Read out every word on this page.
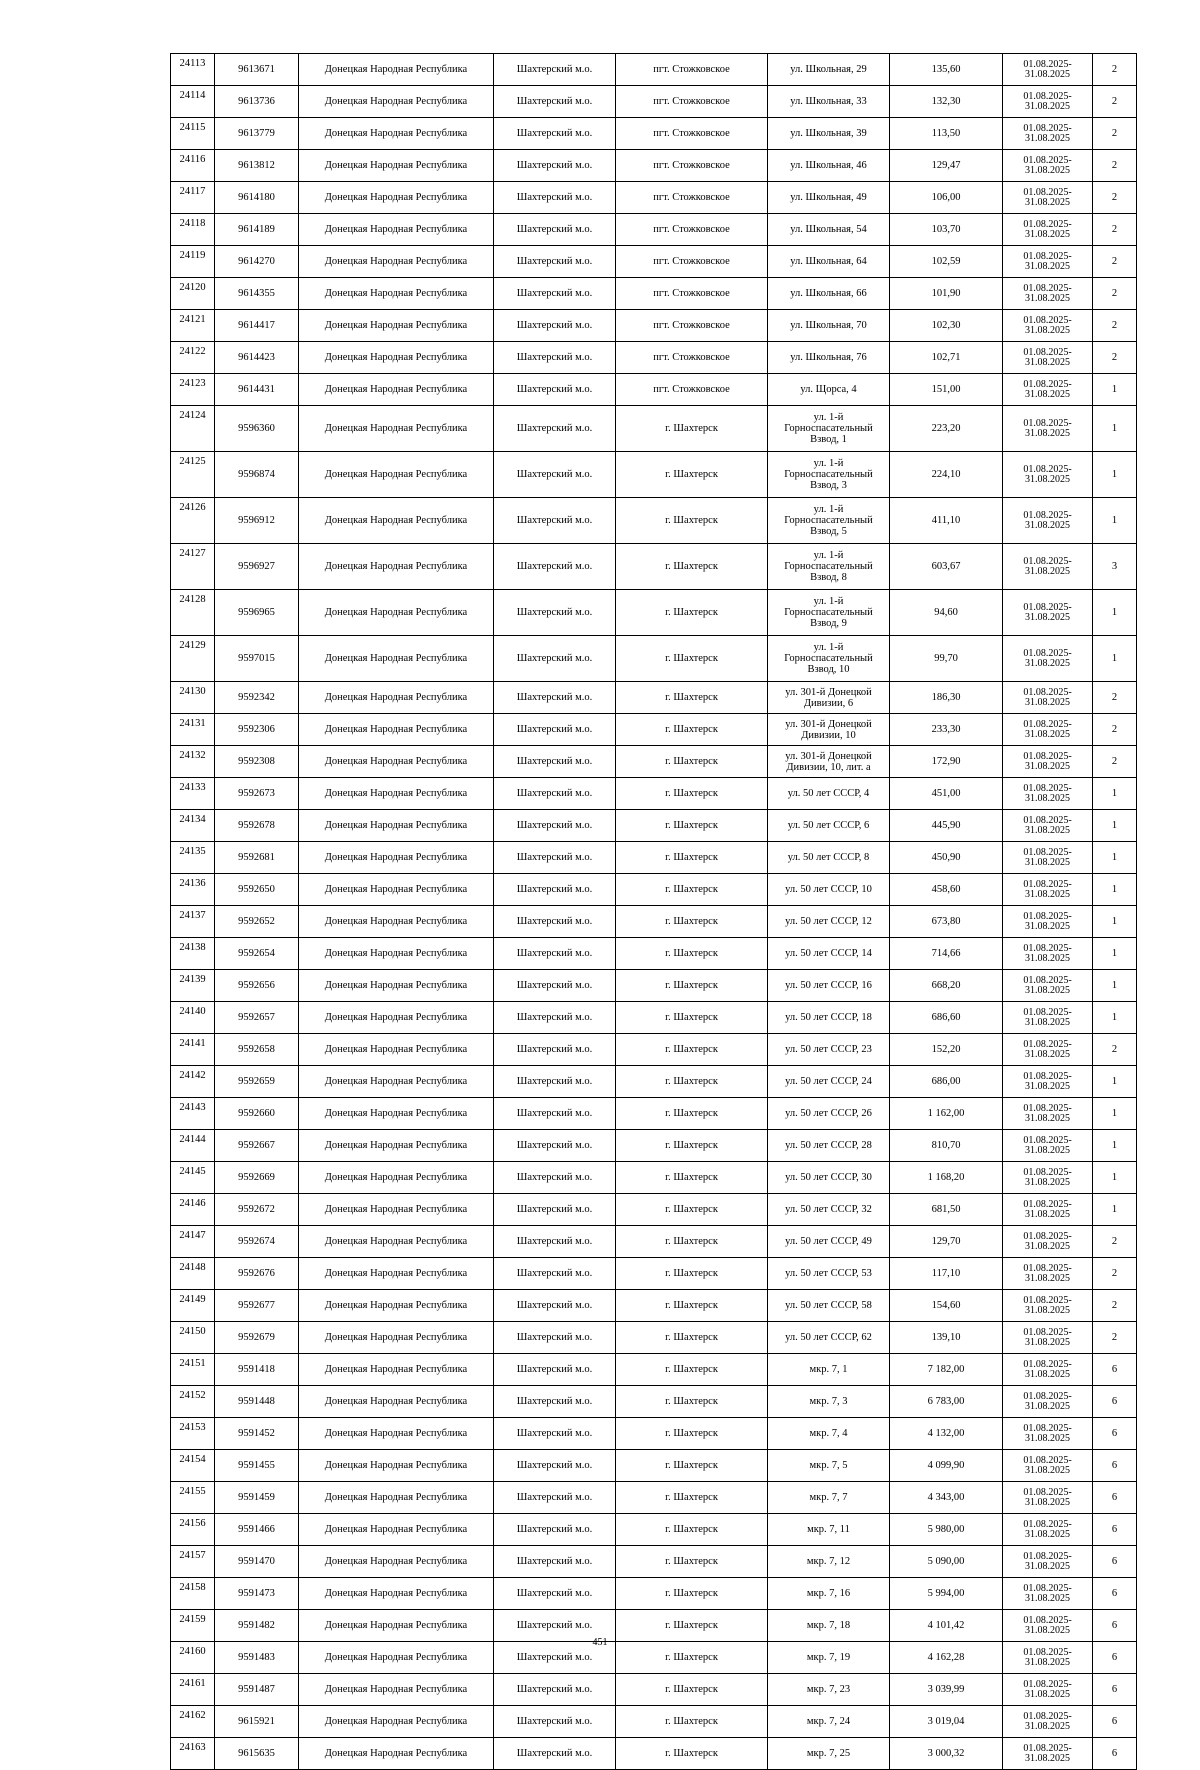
24113	9613671	Донецкая Народная Республика	Шахтерский м.о.	пгт. Стожковское	ул. Школьная, 29	135,60	01.08.2025-31.08.2025	2
24114	9613736	Донецкая Народная Республика	Шахтерский м.о.	пгт. Стожковское	ул. Школьная, 33	132,30	01.08.2025-31.08.2025	2
24115	9613779	Донецкая Народная Республика	Шахтерский м.о.	пгт. Стожковское	ул. Школьная, 39	113,50	01.08.2025-31.08.2025	2
24116	9613812	Донецкая Народная Республика	Шахтерский м.о.	пгт. Стожковское	ул. Школьная, 46	129,47	01.08.2025-31.08.2025	2
24117	9614180	Донецкая Народная Республика	Шахтерский м.о.	пгт. Стожковское	ул. Школьная, 49	106,00	01.08.2025-31.08.2025	2
24118	9614189	Донецкая Народная Республика	Шахтерский м.о.	пгт. Стожковское	ул. Школьная, 54	103,70	01.08.2025-31.08.2025	2
24119	9614270	Донецкая Народная Республика	Шахтерский м.о.	пгт. Стожковское	ул. Школьная, 64	102,59	01.08.2025-31.08.2025	2
24120	9614355	Донецкая Народная Республика	Шахтерский м.о.	пгт. Стожковское	ул. Школьная, 66	101,90	01.08.2025-31.08.2025	2
24121	9614417	Донецкая Народная Республика	Шахтерский м.о.	пгт. Стожковское	ул. Школьная, 70	102,30	01.08.2025-31.08.2025	2
24122	9614423	Донецкая Народная Республика	Шахтерский м.о.	пгт. Стожковское	ул. Школьная, 76	102,71	01.08.2025-31.08.2025	2
24123	9614431	Донецкая Народная Республика	Шахтерский м.о.	пгт. Стожковское	ул. Щорса, 4	151,00	01.08.2025-31.08.2025	1
24124	9596360	Донецкая Народная Республика	Шахтерский м.о.	г. Шахтерск	ул. 1-й Горноспасательный Взвод, 1	223,20	01.08.2025-31.08.2025	1
24125	9596874	Донецкая Народная Республика	Шахтерский м.о.	г. Шахтерск	ул. 1-й Горноспасательный Взвод, 3	224,10	01.08.2025-31.08.2025	1
24126	9596912	Донецкая Народная Республика	Шахтерский м.о.	г. Шахтерск	ул. 1-й Горноспасательный Взвод, 5	411,10	01.08.2025-31.08.2025	1
24127	9596927	Донецкая Народная Республика	Шахтерский м.о.	г. Шахтерск	ул. 1-й Горноспасательный Взвод, 8	603,67	01.08.2025-31.08.2025	3
24128	9596965	Донецкая Народная Республика	Шахтерский м.о.	г. Шахтерск	ул. 1-й Горноспасательный Взвод, 9	94,60	01.08.2025-31.08.2025	1
24129	9597015	Донецкая Народная Республика	Шахтерский м.о.	г. Шахтерск	ул. 1-й Горноспасательный Взвод, 10	99,70	01.08.2025-31.08.2025	1
24130	9592342	Донецкая Народная Республика	Шахтерский м.о.	г. Шахтерск	ул. 301-й Донецкой Дивизии, 6	186,30	01.08.2025-31.08.2025	2
24131	9592306	Донецкая Народная Республика	Шахтерский м.о.	г. Шахтерск	ул. 301-й Донецкой Дивизии, 10	233,30	01.08.2025-31.08.2025	2
24132	9592308	Донецкая Народная Республика	Шахтерский м.о.	г. Шахтерск	ул. 301-й Донецкой Дивизии, 10, лит. а	172,90	01.08.2025-31.08.2025	2
24133	9592673	Донецкая Народная Республика	Шахтерский м.о.	г. Шахтерск	ул. 50 лет СССР, 4	451,00	01.08.2025-31.08.2025	1
24134	9592678	Донецкая Народная Республика	Шахтерский м.о.	г. Шахтерск	ул. 50 лет СССР, 6	445,90	01.08.2025-31.08.2025	1
24135	9592681	Донецкая Народная Республика	Шахтерский м.о.	г. Шахтерск	ул. 50 лет СССР, 8	450,90	01.08.2025-31.08.2025	1
24136	9592650	Донецкая Народная Республика	Шахтерский м.о.	г. Шахтерск	ул. 50 лет СССР, 10	458,60	01.08.2025-31.08.2025	1
24137	9592652	Донецкая Народная Республика	Шахтерский м.о.	г. Шахтерск	ул. 50 лет СССР, 12	673,80	01.08.2025-31.08.2025	1
24138	9592654	Донецкая Народная Республика	Шахтерский м.о.	г. Шахтерск	ул. 50 лет СССР, 14	714,66	01.08.2025-31.08.2025	1
24139	9592656	Донецкая Народная Республика	Шахтерский м.о.	г. Шахтерск	ул. 50 лет СССР, 16	668,20	01.08.2025-31.08.2025	1
24140	9592657	Донецкая Народная Республика	Шахтерский м.о.	г. Шахтерск	ул. 50 лет СССР, 18	686,60	01.08.2025-31.08.2025	1
24141	9592658	Донецкая Народная Республика	Шахтерский м.о.	г. Шахтерск	ул. 50 лет СССР, 23	152,20	01.08.2025-31.08.2025	2
24142	9592659	Донецкая Народная Республика	Шахтерский м.о.	г. Шахтерск	ул. 50 лет СССР, 24	686,00	01.08.2025-31.08.2025	1
24143	9592660	Донецкая Народная Республика	Шахтерский м.о.	г. Шахтерск	ул. 50 лет СССР, 26	1 162,00	01.08.2025-31.08.2025	1
24144	9592667	Донецкая Народная Республика	Шахтерский м.о.	г. Шахтерск	ул. 50 лет СССР, 28	810,70	01.08.2025-31.08.2025	1
24145	9592669	Донецкая Народная Республика	Шахтерский м.о.	г. Шахтерск	ул. 50 лет СССР, 30	1 168,20	01.08.2025-31.08.2025	1
24146	9592672	Донецкая Народная Республика	Шахтерский м.о.	г. Шахтерск	ул. 50 лет СССР, 32	681,50	01.08.2025-31.08.2025	1
24147	9592674	Донецкая Народная Республика	Шахтерский м.о.	г. Шахтерск	ул. 50 лет СССР, 49	129,70	01.08.2025-31.08.2025	2
24148	9592676	Донецкая Народная Республика	Шахтерский м.о.	г. Шахтерск	ул. 50 лет СССР, 53	117,10	01.08.2025-31.08.2025	2
24149	9592677	Донецкая Народная Республика	Шахтерский м.о.	г. Шахтерск	ул. 50 лет СССР, 58	154,60	01.08.2025-31.08.2025	2
24150	9592679	Донецкая Народная Республика	Шахтерский м.о.	г. Шахтерск	ул. 50 лет СССР, 62	139,10	01.08.2025-31.08.2025	2
24151	9591418	Донецкая Народная Республика	Шахтерский м.о.	г. Шахтерск	мкр. 7, 1	7 182,00	01.08.2025-31.08.2025	6
24152	9591448	Донецкая Народная Республика	Шахтерский м.о.	г. Шахтерск	мкр. 7, 3	6 783,00	01.08.2025-31.08.2025	6
24153	9591452	Донецкая Народная Республика	Шахтерский м.о.	г. Шахтерск	мкр. 7, 4	4 132,00	01.08.2025-31.08.2025	6
24154	9591455	Донецкая Народная Республика	Шахтерский м.о.	г. Шахтерск	мкр. 7, 5	4 099,90	01.08.2025-31.08.2025	6
24155	9591459	Донецкая Народная Республика	Шахтерский м.о.	г. Шахтерск	мкр. 7, 7	4 343,00	01.08.2025-31.08.2025	6
24156	9591466	Донецкая Народная Республика	Шахтерский м.о.	г. Шахтерск	мкр. 7, 11	5 980,00	01.08.2025-31.08.2025	6
24157	9591470	Донецкая Народная Республика	Шахтерский м.о.	г. Шахтерск	мкр. 7, 12	5 090,00	01.08.2025-31.08.2025	6
24158	9591473	Донецкая Народная Республика	Шахтерский м.о.	г. Шахтерск	мкр. 7, 16	5 994,00	01.08.2025-31.08.2025	6
24159	9591482	Донецкая Народная Республика	Шахтерский м.о.	г. Шахтерск	мкр. 7, 18	4 101,42	01.08.2025-31.08.2025	6
24160	9591483	Донецкая Народная Республика	Шахтерский м.о.	г. Шахтерск	мкр. 7, 19	4 162,28	01.08.2025-31.08.2025	6
24161	9591487	Донецкая Народная Республика	Шахтерский м.о.	г. Шахтерск	мкр. 7, 23	3 039,99	01.08.2025-31.08.2025	6
24162	9615921	Донецкая Народная Республика	Шахтерский м.о.	г. Шахтерск	мкр. 7, 24	3 019,04	01.08.2025-31.08.2025	6
24163	9615635	Донецкая Народная Республика	Шахтерский м.о.	г. Шахтерск	мкр. 7, 25	3 000,32	01.08.2025-31.08.2025	6
451
